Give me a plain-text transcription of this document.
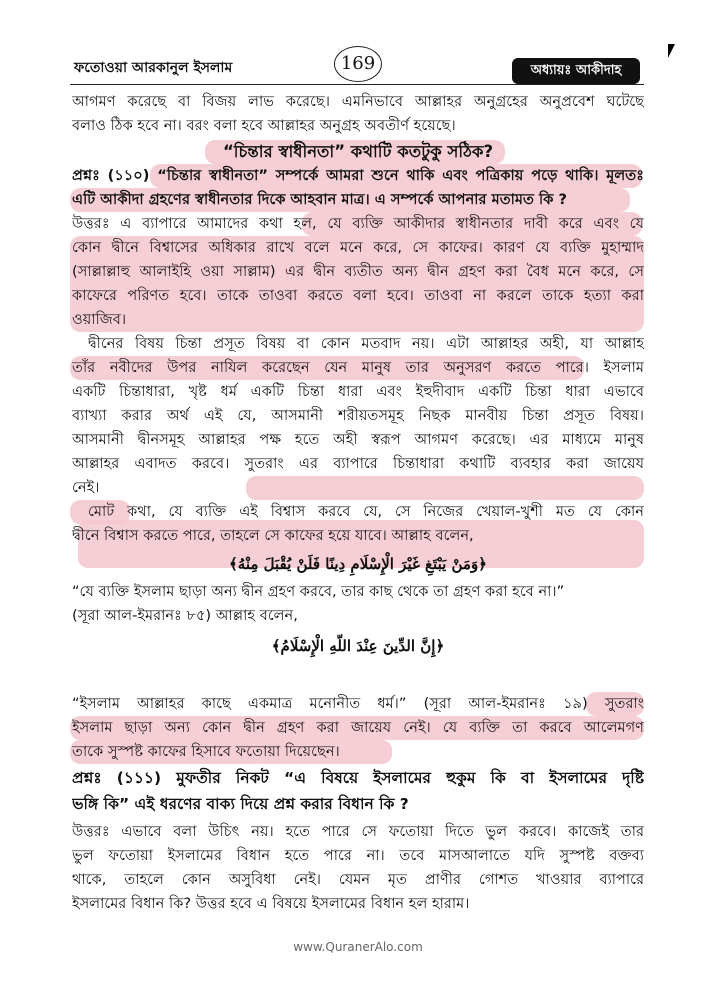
ফতোওয়া আরকানুল ইসলাম	169	অধ্যায়ঃ আকীদাহ
আগমণ করেছে বা বিজয় লাভ করেছে। এমনিভাবে আল্লাহর অনুগ্রহের অনুপ্রবেশ ঘটেছে
বলাও ঠিক হবে না। বরং বলা হবে আল্লাহর অনুগ্রহ অবতীর্ণ হয়েছে।
“চিন্তার স্বাধীনতা” কথাটি কতটুকু সঠিক?
প্রশ্নঃ (১১০) “চিন্তার স্বাধীনতা” সম্পর্কে আমরা শুনে থাকি এবং পত্রিকায় পড়ে থাকি। মূলতঃ
এটি আকীদা গ্রহণের স্বাধীনতার দিকে আহবান মাত্র। এ সম্পর্কে আপনার মতামত কি ?
উত্তরঃ এ ব্যাপারে আমাদের কথা হল, যে ব্যক্তি আকীদার স্বাধীনতার দাবী করে এবং যে
কোন দ্বীনে বিশ্বাসের অধিকার রাখে বলে মনে করে, সে কাফের। কারণ যে ব্যক্তি মুহাম্মাদ
(সাল্লাল্লাহু আলাইহি ওয়া সাল্লাম) এর দ্বীন ব্যতীত অন্য দ্বীন গ্রহণ করা বৈধ মনে করে, সে
কাফেরে পরিণত হবে। তাকে তাওবা করতে বলা হবে। তাওবা না করলে তাকে হত্যা করা
ওয়াজিব।
দ্বীনের বিষয় চিন্তা প্রসূত বিষয় বা কোন মতবাদ নয়। এটা আল্লাহর অহী, যা আল্লাহ
তাঁর নবীদের উপর নাযিল করেছেন যেন মানুষ তার অনুসরণ করতে পারে। ইসলাম
একটি চিন্তাধারা, খৃষ্ট ধর্ম একটি চিন্তা ধারা এবং ইহুদীবাদ একটি চিন্তা ধারা এভাবে
ব্যাখ্যা করার অর্থ এই যে, আসমানী শরীয়তসমূহ নিছক মানবীয় চিন্তা প্রসূত বিষয়।
আসমানী দ্বীনসমূহ আল্লাহর পক্ষ হতে অহী স্বরূপ আগমণ করেছে। এর মাধ্যমে মানুষ
আল্লাহর এবাদত করবে। সুতরাং এর ব্যাপারে চিন্তাধারা কথাটি ব্যবহার করা জায়েয
নেই।
মোট কথা, যে ব্যক্তি এই বিশ্বাস করবে যে, সে নিজের খেয়াল-খুশী মত যে কোন
দ্বীনে বিশ্বাস করতে পারে, তাহলে সে কাফের হয়ে যাবে। আল্লাহ বলেন,
﴿وَمَنْ يَبْتَغِ غَيْرَ الْإِسْلَامِ دِينًا فَلَنْ يُقْبَلَ مِنْهُ﴾
“যে ব্যক্তি ইসলাম ছাড়া অন্য দ্বীন গ্রহণ করবে, তার কাছ থেকে তা গ্রহণ করা হবে না।”
(সূরা আল-ইমরানঃ ৮৫) আল্লাহ বলেন,
﴿إِنَّ الدِّينَ عِنْدَ اللَّهِ الْإِسْلَامُ﴾
“ইসলাম আল্লাহর কাছে একমাত্র মনোনীত ধর্ম।” (সূরা আল-ইমরানঃ ১৯) সুতরাং
ইসলাম ছাড়া অন্য কোন দ্বীন গ্রহণ করা জায়েয নেই। যে ব্যক্তি তা করবে আলেমগণ
তাকে সুস্পষ্ট কাফের হিসাবে ফতোয়া দিয়েছেন।
প্রশ্নঃ (১১১) মুফতীর নিকট “এ বিষয়ে ইসলামের হুকুম কি বা ইসলামের দৃষ্টি
ভঙ্গি কি” এই ধরণের বাক্য দিয়ে প্রশ্ন করার বিধান কি ?
উত্তরঃ এভাবে বলা উচিৎ নয়। হতে পারে সে ফতোয়া দিতে ভুল করবে। কাজেই তার
ভুল ফতোয়া ইসলামের বিধান হতে পারে না। তবে মাসআলাতে যদি সুস্পষ্ট বক্তব্য
থাকে, তাহলে কোন অসুবিধা নেই। যেমন মৃত প্রাণীর গোশত খাওয়ার ব্যাপারে
ইসলামের বিধান কি? উত্তর হবে এ বিষয়ে ইসলামের বিধান হল হারাম।
www.QuranerAlo.com
